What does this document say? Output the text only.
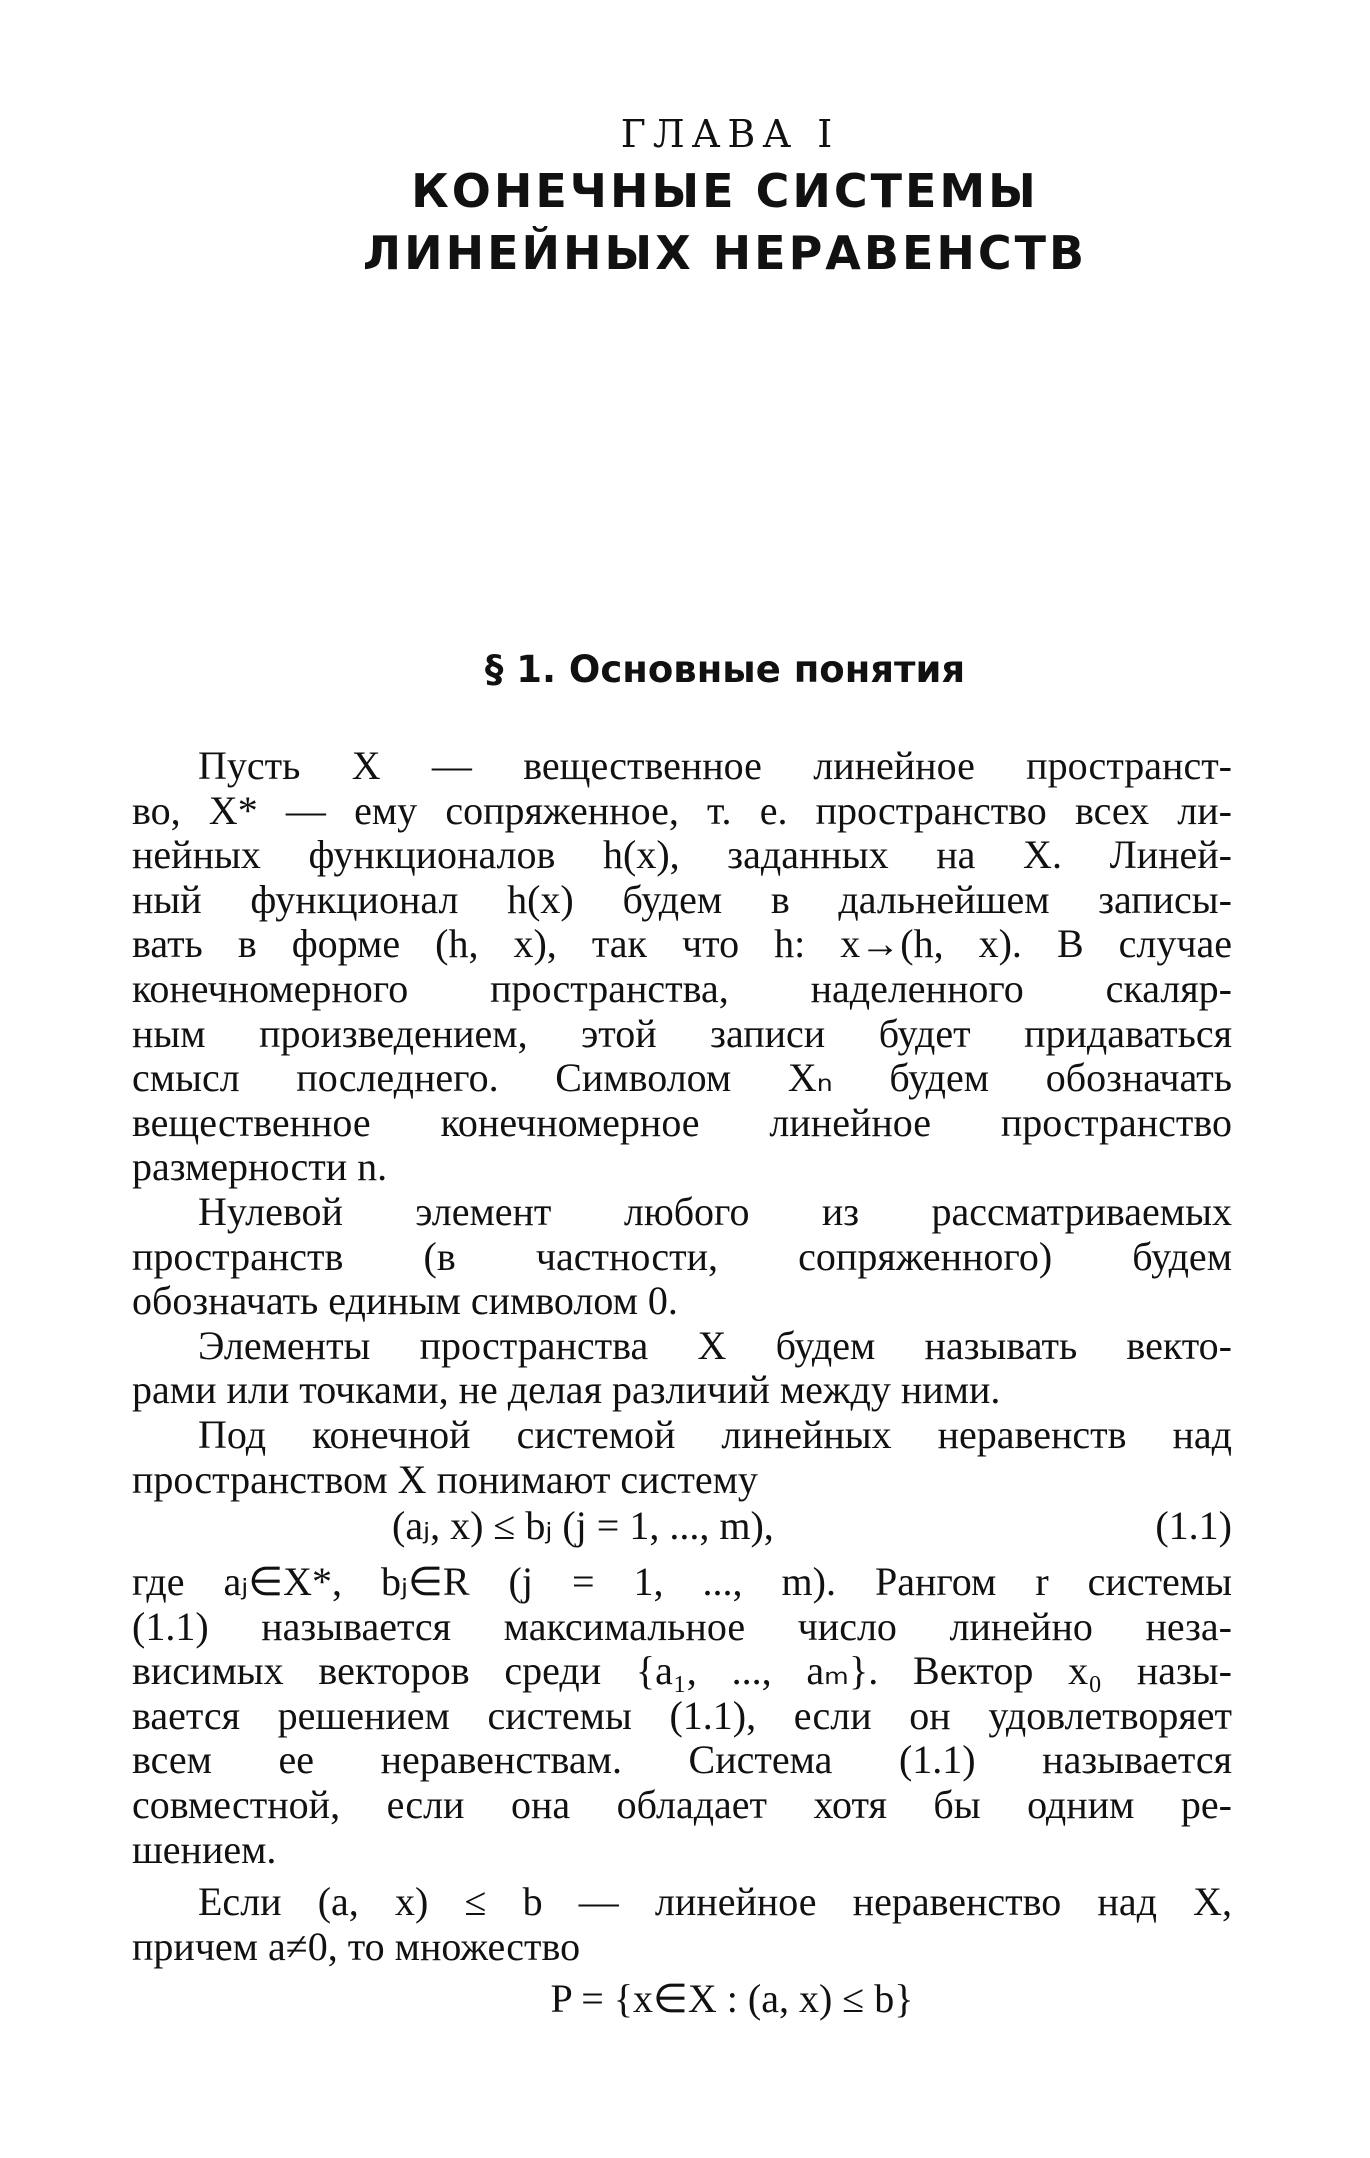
ГЛАВА I
КОНЕЧНЫЕ СИСТЕМЫ
ЛИНЕЙНЫХ НЕРАВЕНСТВ
§ 1. Основные понятия
Пусть X — вещественное линейное пространст-
во, X* — ему сопряженное, т. е. пространство всех ли-
нейных функционалов h(x), заданных на X. Линей-
ный функционал h(x) будем в дальнейшем записы-
вать в форме (h, x), так что h: x→(h, x). В случае
конечномерного пространства, наделенного скаляр-
ным произведением, этой записи будет придаваться
смысл последнего. Символом Xₙ будем обозначать
вещественное конечномерное линейное пространство
размерности n.
Нулевой элемент любого из рассматриваемых
пространств (в частности, сопряженного) будем
обозначать единым символом 0.
Элементы пространства X будем называть векто-
рами или точками, не делая различий между ними.
Под конечной системой линейных неравенств над
пространством X понимают систему
(aⱼ, x) ≤ bⱼ (j = 1, ..., m),	(1.1)
где aⱼ∈X*, bⱼ∈R (j = 1, ..., m). Рангом r системы
(1.1) называется максимальное число линейно неза-
висимых векторов среди {a₁, ..., aₘ}. Вектор x₀ назы-
вается решением системы (1.1), если он удовлетворяет
всем ее неравенствам. Система (1.1) называется
совместной, если она обладает хотя бы одним ре-
шением.
Если (a, x) ≤ b — линейное неравенство над X,
причем a≠0, то множество
P = {x∈X : (a, x) ≤ b}
